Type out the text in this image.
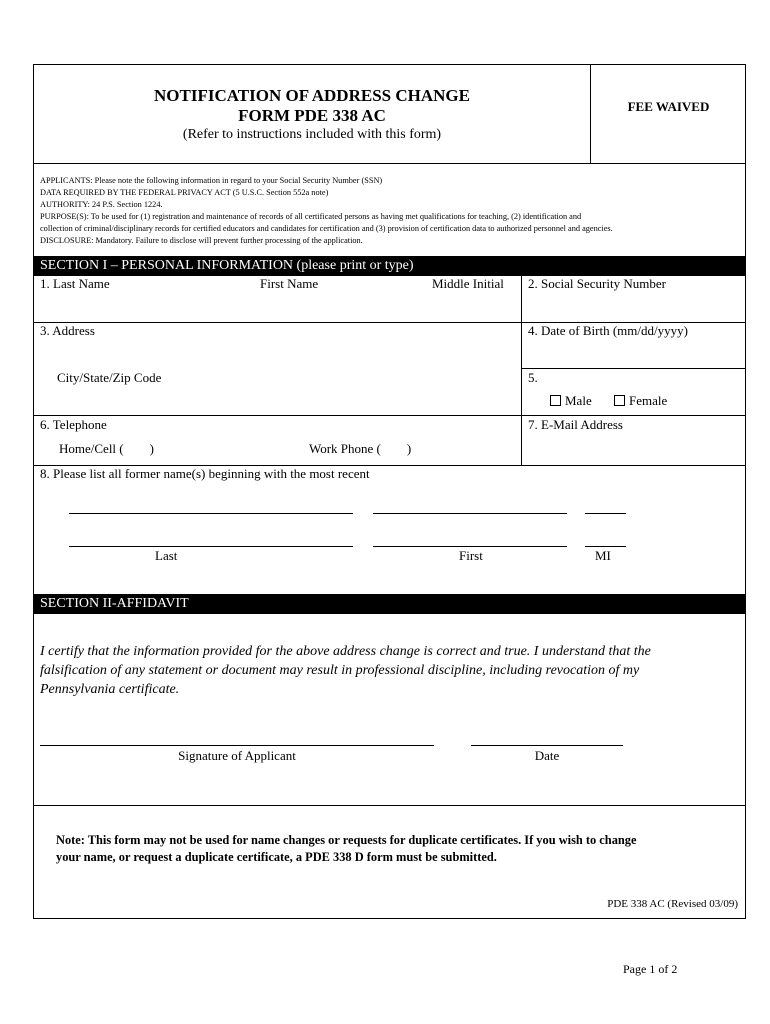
NOTIFICATION OF ADDRESS CHANGE
FORM PDE 338 AC
(Refer to instructions included with this form)
FEE WAIVED
APPLICANTS: Please note the following information in regard to your Social Security Number (SSN)
DATA REQUIRED BY THE FEDERAL PRIVACY ACT (5 U.S.C. Section 552a note)
AUTHORITY: 24 P.S. Section 1224.
PURPOSE(S): To be used for (1) registration and maintenance of records of all certificated persons as having met qualifications for teaching, (2) identification and
collection of criminal/disciplinary records for certified educators and candidates for certification and (3) provision of certification data to authorized personnel and agencies.
DISCLOSURE: Mandatory. Failure to disclose will prevent further processing of the application.
SECTION I – PERSONAL INFORMATION (please print or type)
1. Last Name	First Name	Middle Initial 2. Social Security Number
3. Address	4. Date of Birth (mm/dd/yyyy)
City/State/Zip Code	5.
Male	Female
6. Telephone	7. E-Mail Address
Home/Cell (        )	Work Phone (        )
8. Please list all former name(s) beginning with the most recent
Last	First	MI
SECTION II-AFFIDAVIT
I certify that the information provided for the above address change is correct and true. I understand that the
falsification of any statement or document may result in professional discipline, including revocation of my
Pennsylvania certificate.
Signature of Applicant	Date
Note: This form may not be used for name changes or requests for duplicate certificates. If you wish to change
your name, or request a duplicate certificate, a PDE 338 D form must be submitted.
PDE 338 AC (Revised 03/09)
Page 1 of 2
